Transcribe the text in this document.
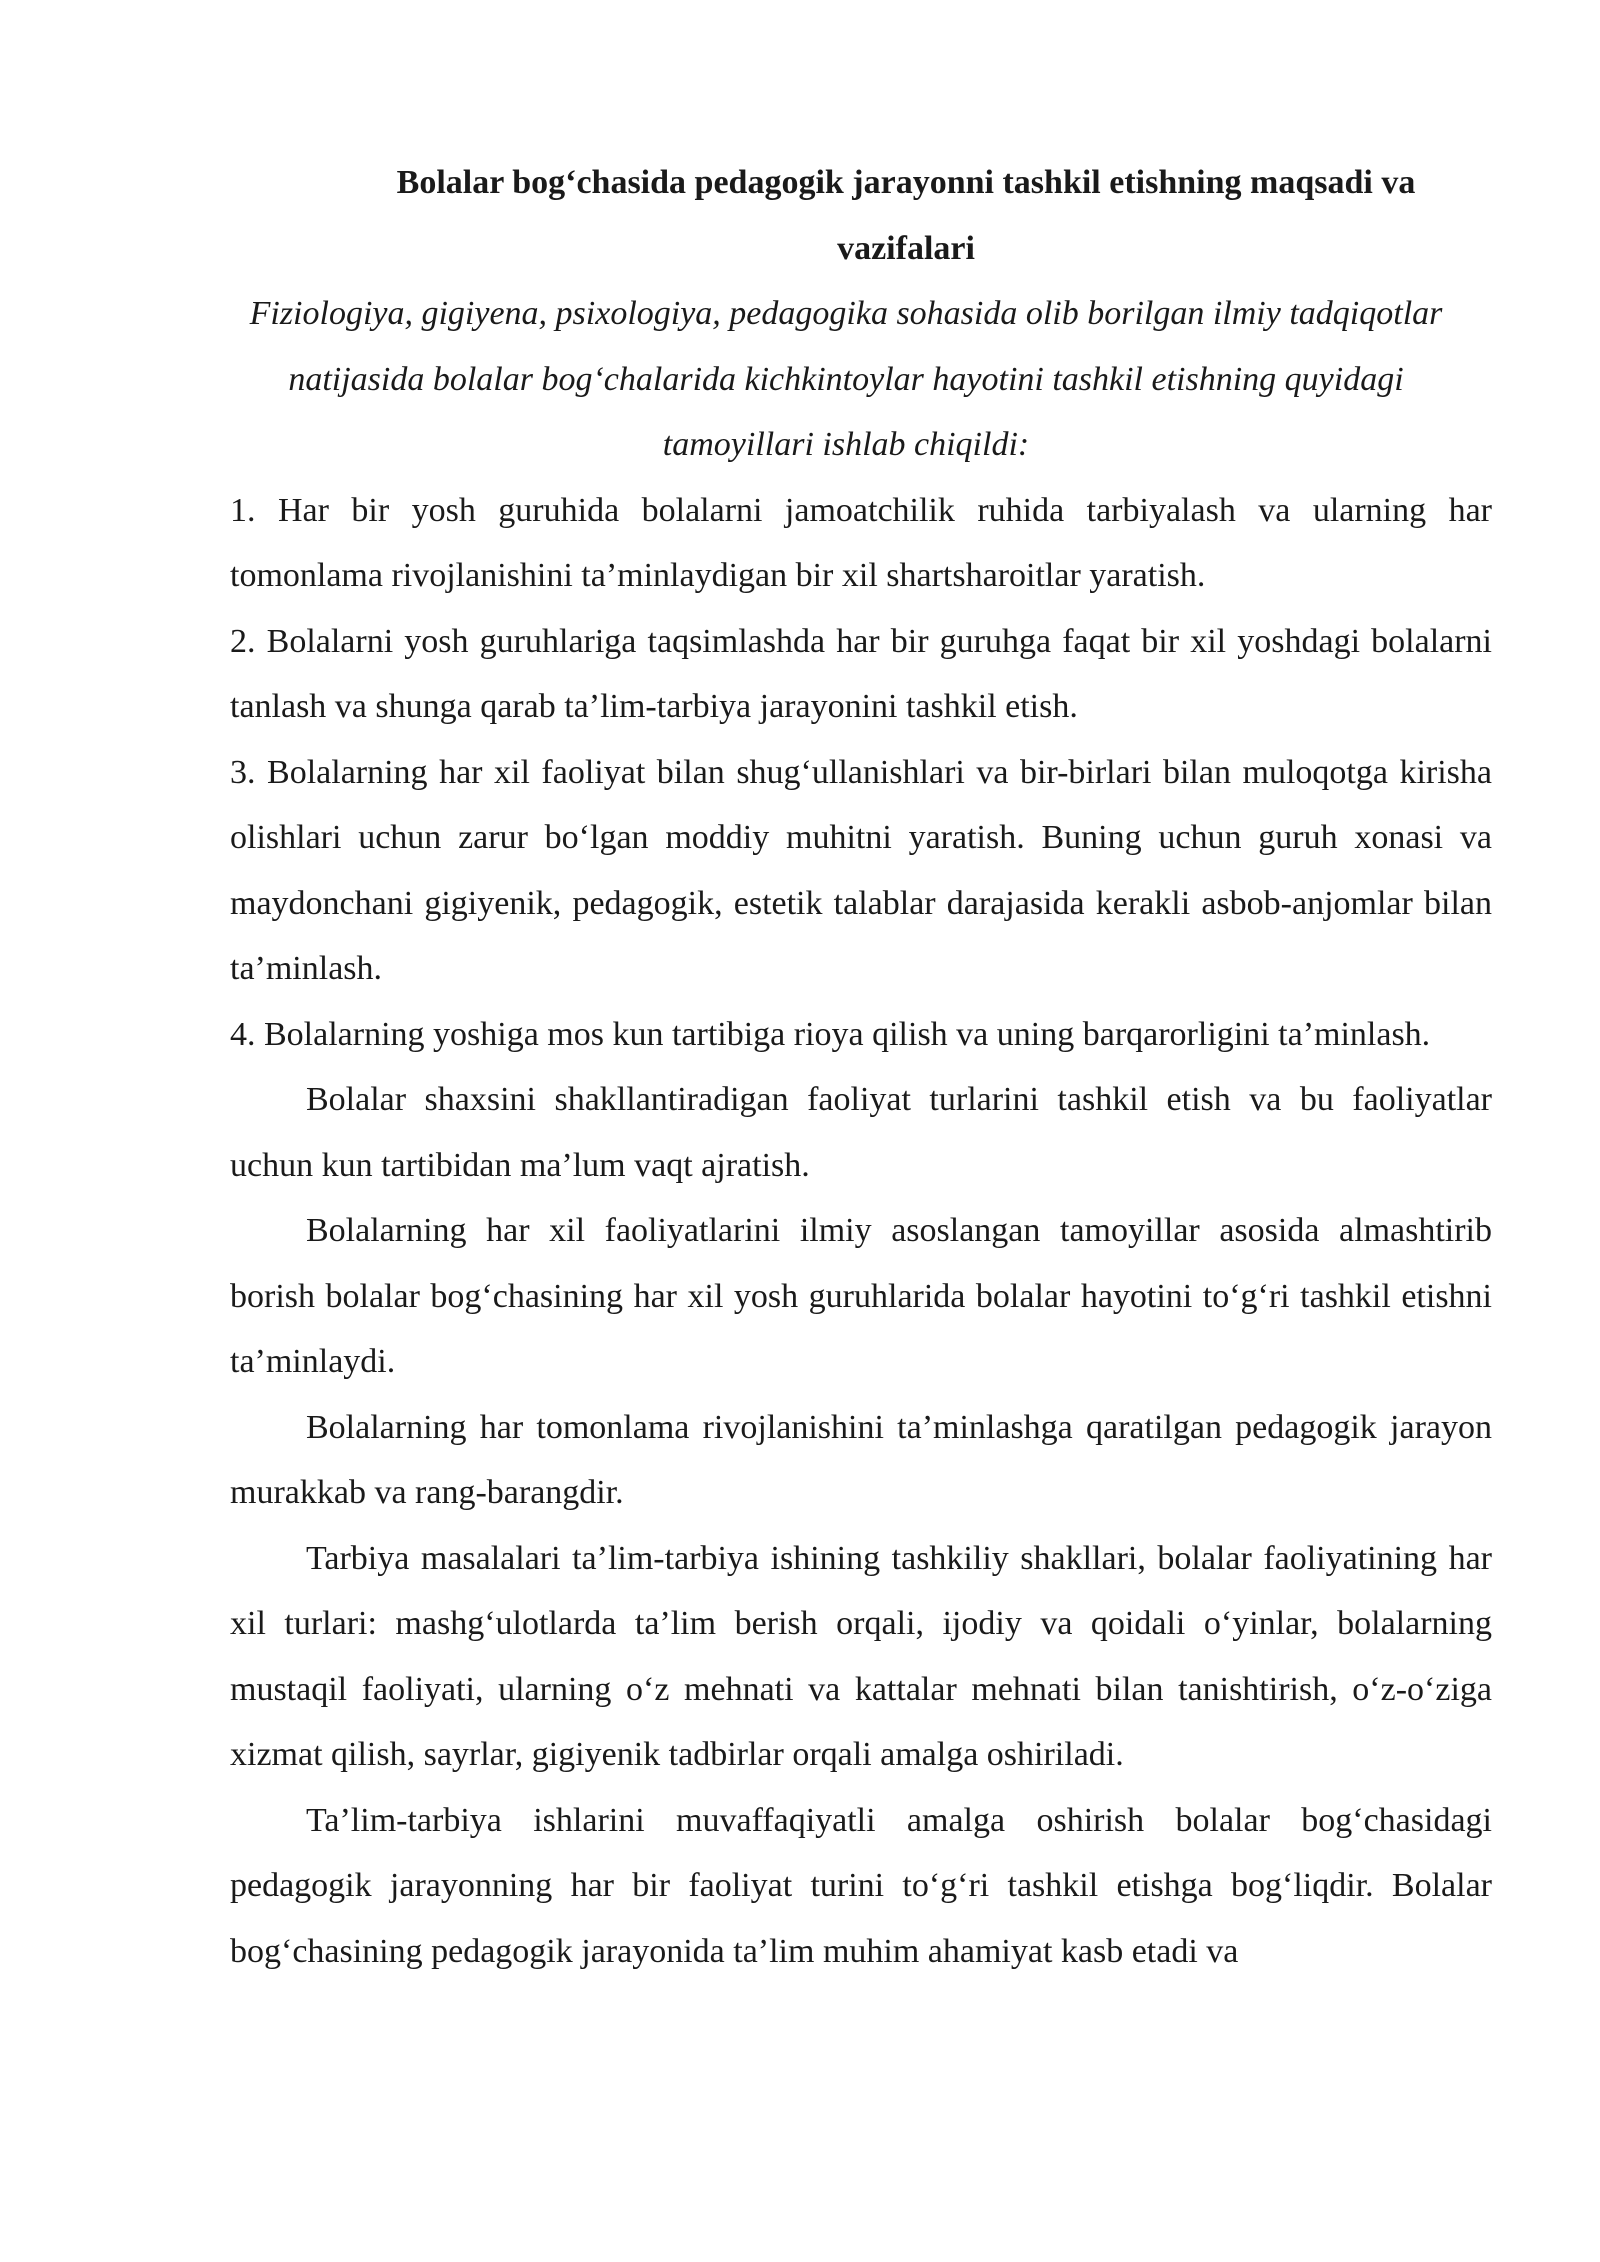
Bolalar bog‘chasida pedagogik jarayonni tashkil etishning maqsadi va vazifalari

Fiziologiya, gigiyena, psixologiya, pedagogika sohasida olib borilgan ilmiy tadqiqotlar natijasida bolalar bog‘chalarida kichkintoylar hayotini tashkil etishning quyidagi tamoyillari ishlab chiqildi:

1. Har bir yosh guruhida bolalarni jamoatchilik ruhida tarbiyalash va ularning har tomonlama rivojlanishini ta’minlaydigan bir xil shartsharoitlar yaratish.

2. Bolalarni yosh guruhlariga taqsimlashda har bir guruhga faqat bir xil yoshdagi bolalarni tanlash va shunga qarab ta’lim-tarbiya jarayonini tashkil etish.

3. Bolalarning har xil faoliyat bilan shug‘ullanishlari va bir-birlari bilan muloqotga kirisha olishlari uchun zarur bo‘lgan moddiy muhitni yaratish. Buning uchun guruh xonasi va maydonchani gigiyenik, pedagogik, estetik talablar darajasida kerakli asbob-anjomlar bilan ta’minlash.

4. Bolalarning yoshiga mos kun tartibiga rioya qilish va uning barqarorligini ta’minlash.

Bolalar shaxsini shakllantiradigan faoliyat turlarini tashkil etish va bu faoliyatlar uchun kun tartibidan ma’lum vaqt ajratish.

Bolalarning har xil faoliyatlarini ilmiy asoslangan tamoyillar asosida almashtirib borish bolalar bog‘chasining har xil yosh guruhlarida bolalar hayotini to‘g‘ri tashkil etishni ta’minlaydi.

Bolalarning har tomonlama rivojlanishini ta’minlashga qaratilgan pedagogik jarayon murakkab va rang-barangdir.

Tarbiya masalalari ta’lim-tarbiya ishining tashkiliy shakllari, bolalar faoliyatining har xil turlari: mashg‘ulotlarda ta’lim berish orqali, ijodiy va qoidali o‘yinlar, bolalarning mustaqil faoliyati, ularning o‘z mehnati va kattalar mehnati bilan tanishtirish, o‘z-o‘ziga xizmat qilish, sayrlar, gigiyenik tadbirlar orqali amalga oshiriladi.

Ta’lim-tarbiya ishlarini muvaffaqiyatli amalga oshirish bolalar bog‘chasidagi pedagogik jarayonning har bir faoliyat turini to‘g‘ri tashkil etishga bog‘liqdir. Bolalar bog‘chasining pedagogik jarayonida ta’lim muhim ahamiyat kasb etadi va
